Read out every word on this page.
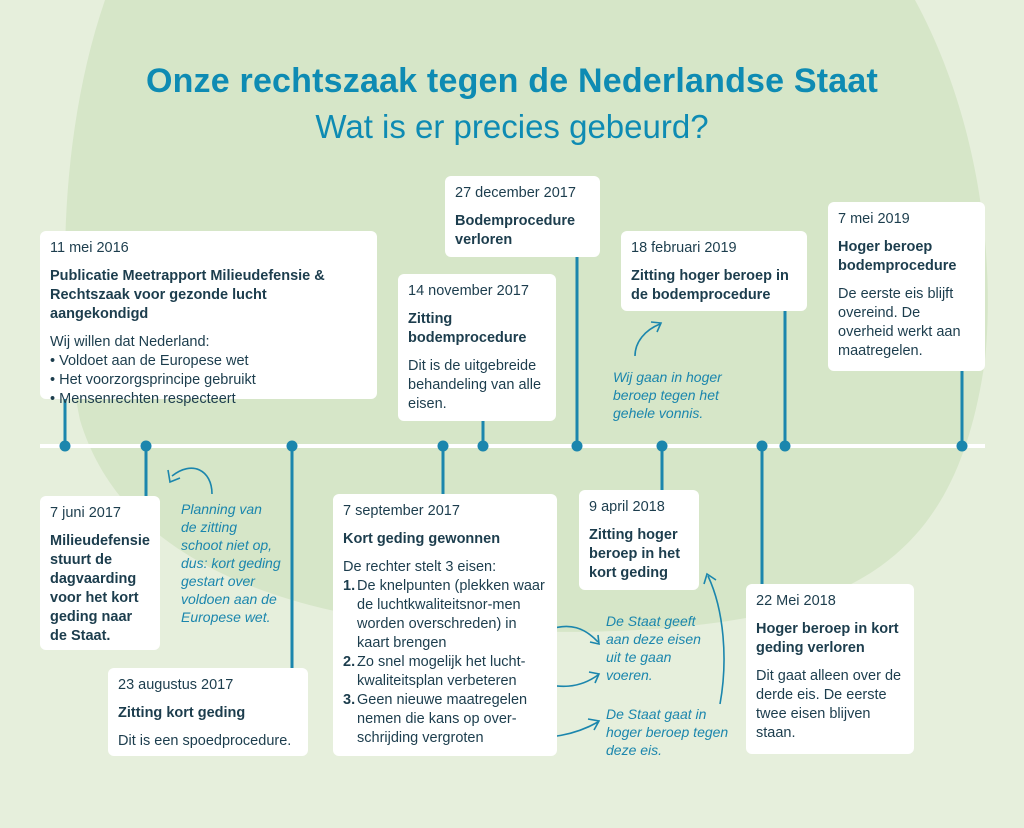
Onze rechtszaak tegen de Nederlandse Staat
Wat is er precies gebeurd?
11 mei 2016
Publicatie Meetrapport Milieudefensie & Rechtszaak voor gezonde lucht aangekondigd
Wij willen dat Nederland:
• Voldoet aan de Europese wet
• Het voorzorgsprincipe gebruikt
• Mensenrechten respecteert
7 juni 2017
Milieudefensie stuurt de dagvaarding voor het kort geding naar de Staat.
23 augustus 2017
Zitting kort geding
Dit is een spoedprocedure.
7 september 2017
Kort geding gewonnen
De rechter stelt 3 eisen:
1. De knelpunten (plekken waar de luchtkwaliteitsnor-men worden overschreden) in kaart brengen
2. Zo snel mogelijk het lucht-kwaliteitsplan verbeteren
3. Geen nieuwe maatregelen nemen die kans op over-schrijding vergroten
14 november 2017
Zitting bodemprocedure
Dit is de uitgebreide behandeling van alle eisen.
27 december 2017
Bodemprocedure verloren
9 april 2018
Zitting hoger beroep in het kort geding
22 Mei 2018
Hoger beroep in kort geding verloren
Dit gaat alleen over de derde eis. De eerste twee eisen blijven staan.
18 februari 2019
Zitting hoger beroep in de bodemprocedure
7 mei 2019
Hoger beroep bodemprocedure
De eerste eis blijft overeind. De overheid werkt aan maatregelen.
Planning van de zitting schoot niet op, dus: kort geding gestart over voldoen aan de Europese wet.	De Staat geeft aan deze eisen uit te gaan voeren.
De Staat gaat in hoger beroep tegen deze eis.
Wij gaan in hoger beroep tegen het gehele vonnis.
